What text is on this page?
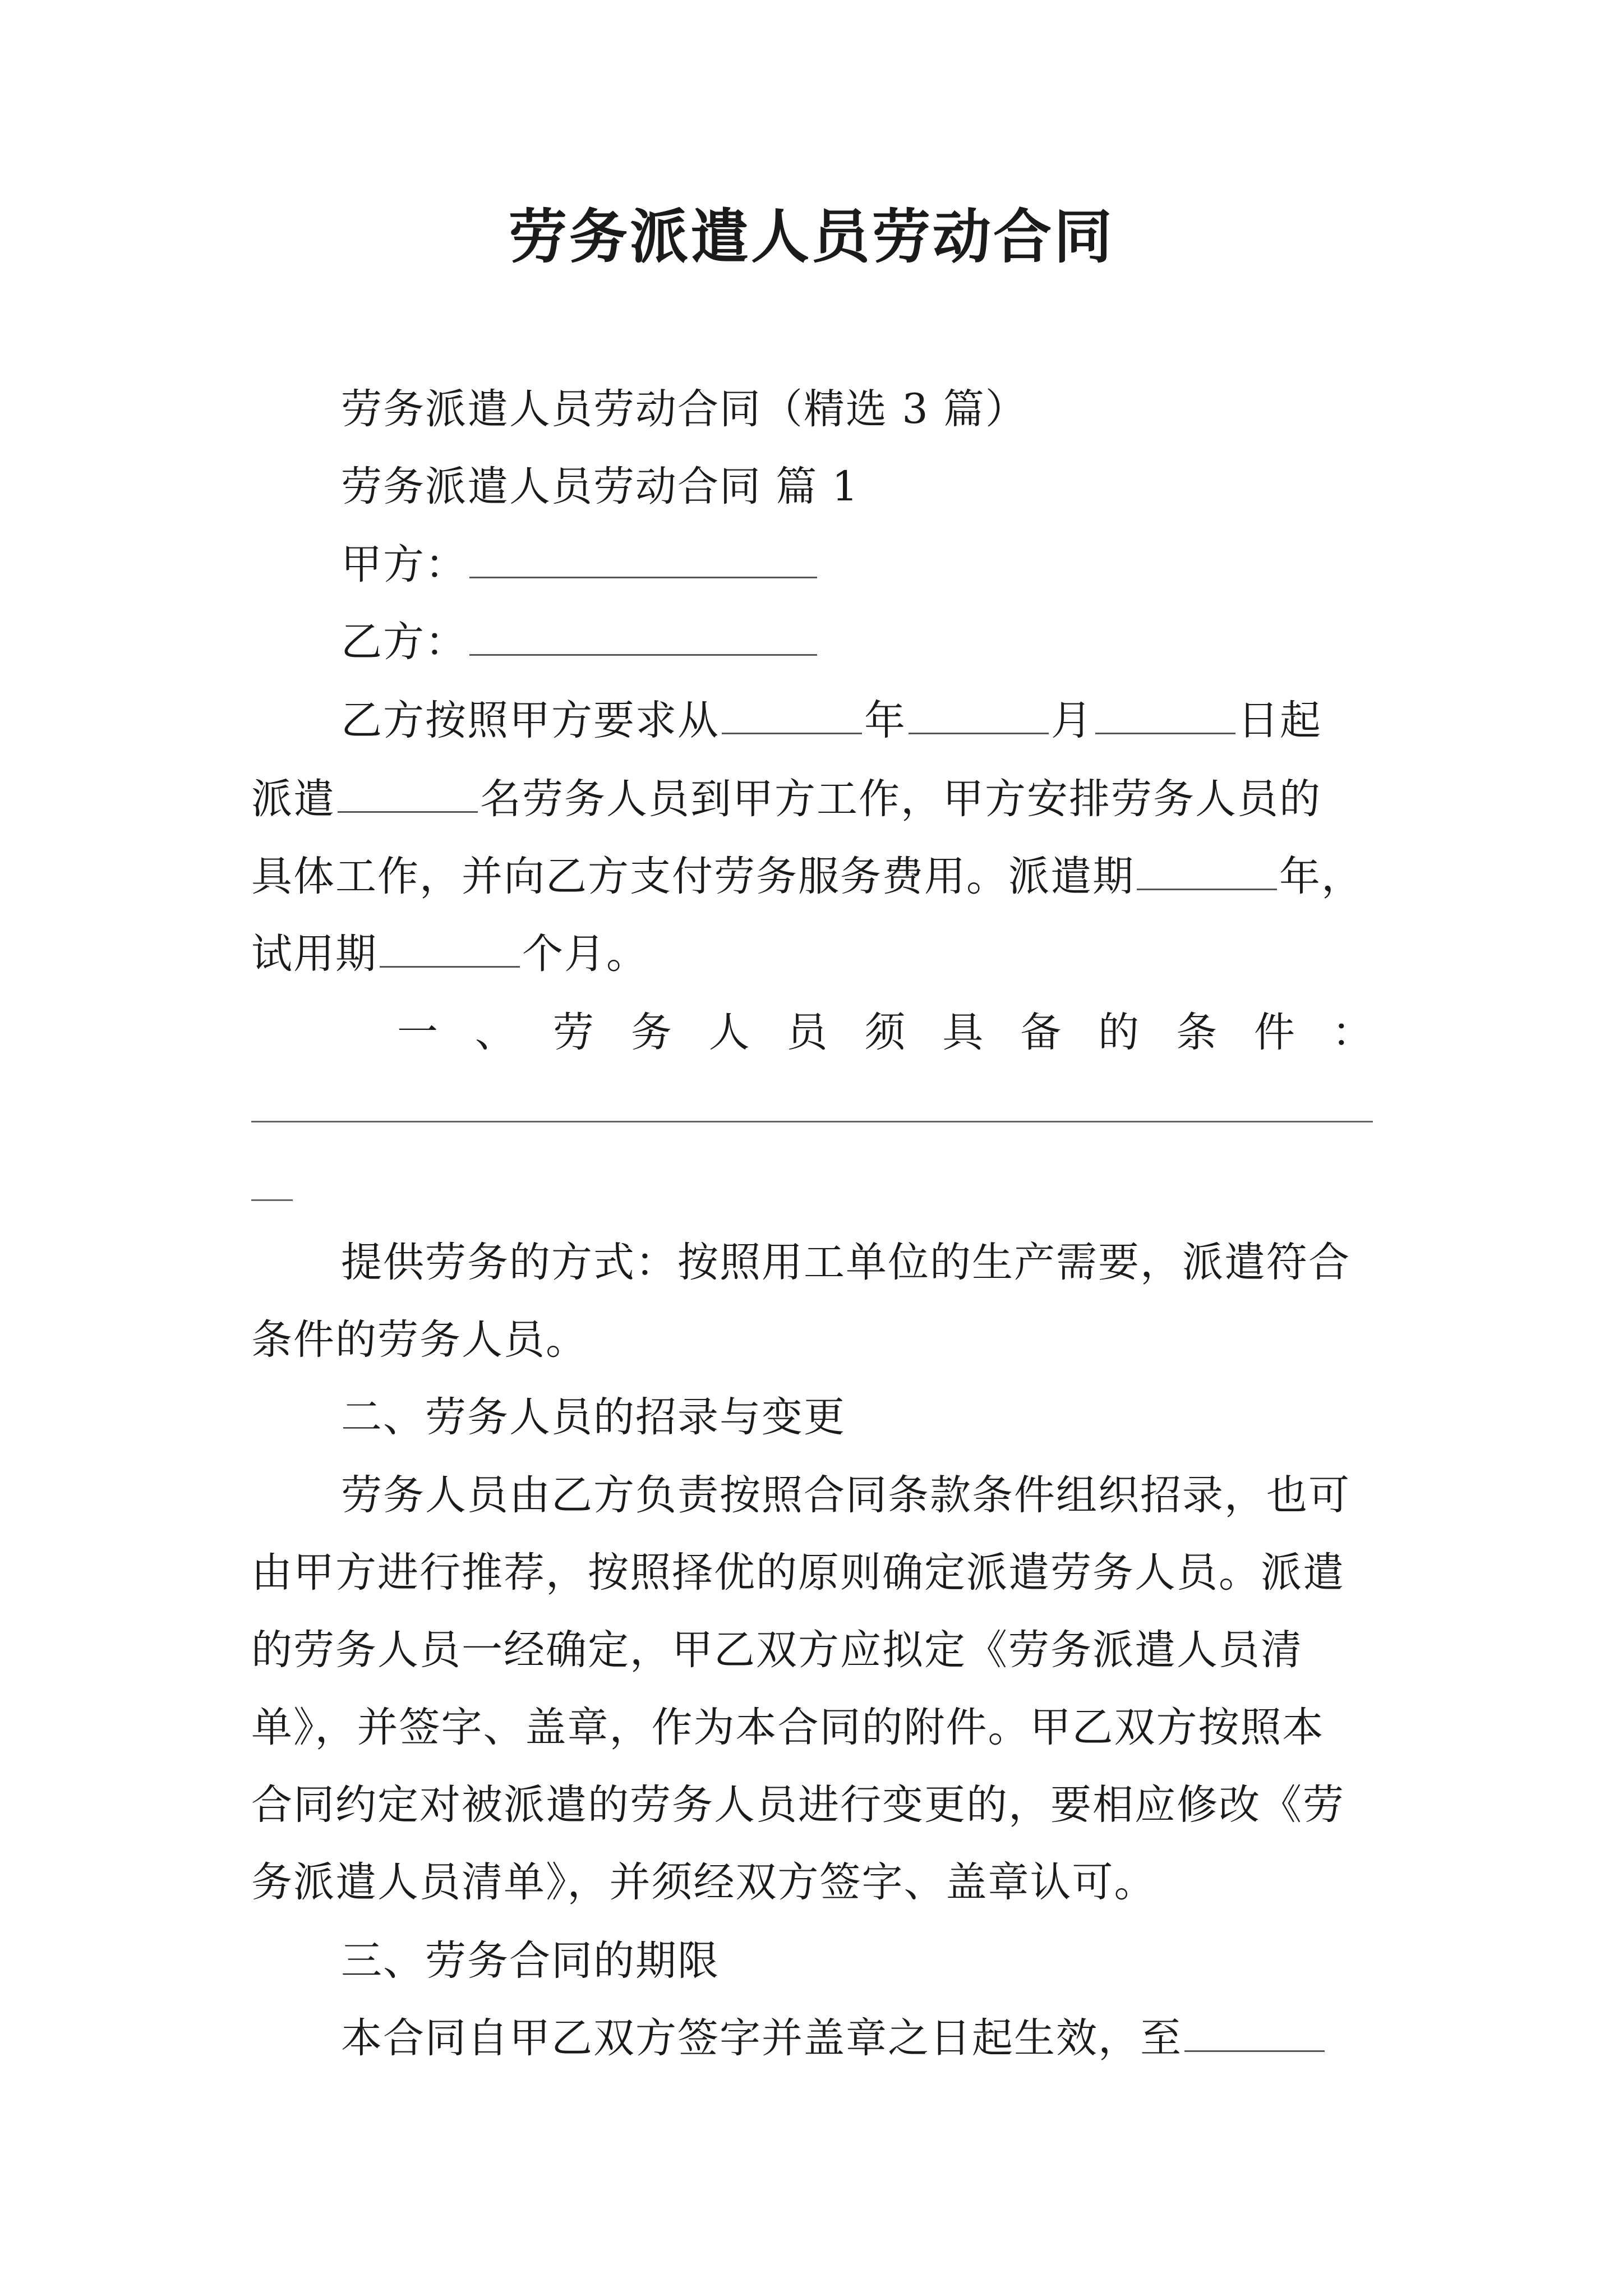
劳务派遣人员劳动合同
劳务派遣人员劳动合同（精选 3 篇）
劳务派遣人员劳动合同 篇 1
甲方：
乙方：
乙方按照甲方要求从	年	月	日起
派遣	名劳务人员到甲方工作，甲方安排劳务人员的
具体工作，并向乙方支付劳务服务费用。派遣期	年，
试用期	个月。
一 、 劳 务 人 员 须 具 备 的 条 件 ：
提供劳务的方式：按照用工单位的生产需要，派遣符合
条件的劳务人员。
二、劳务人员的招录与变更
劳务人员由乙方负责按照合同条款条件组织招录，也可
由甲方进行推荐，按照择优的原则确定派遣劳务人员。派遣
的劳务人员一经确定，甲乙双方应拟定《劳务派遣人员清
单》，并签字、盖章，作为本合同的附件。甲乙双方按照本
合同约定对被派遣的劳务人员进行变更的，要相应修改《劳
务派遣人员清单》，并须经双方签字、盖章认可。
三、劳务合同的期限
本合同自甲乙双方签字并盖章之日起生效，至
